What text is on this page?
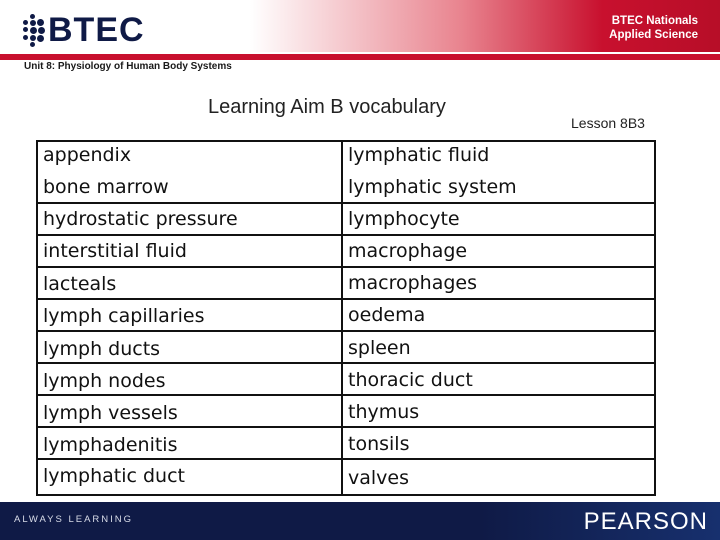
BTEC	BTEC Nationals
Applied Science
Unit 8: Physiology of Human Body Systems
Learning Aim B vocabulary
Lesson 8B3
appendix
bone marrow
hydrostatic pressure
interstitial fluid
lacteals
lymph capillaries
lymph ducts
lymph nodes
lymph vessels
lymphadenitis
lymphatic duct
lymphatic fluid
lymphatic system
lymphocyte
macrophage
macrophages
oedema
spleen
thoracic duct
thymus
tonsils
valves
ALWAYS LEARNING	PEARSON
